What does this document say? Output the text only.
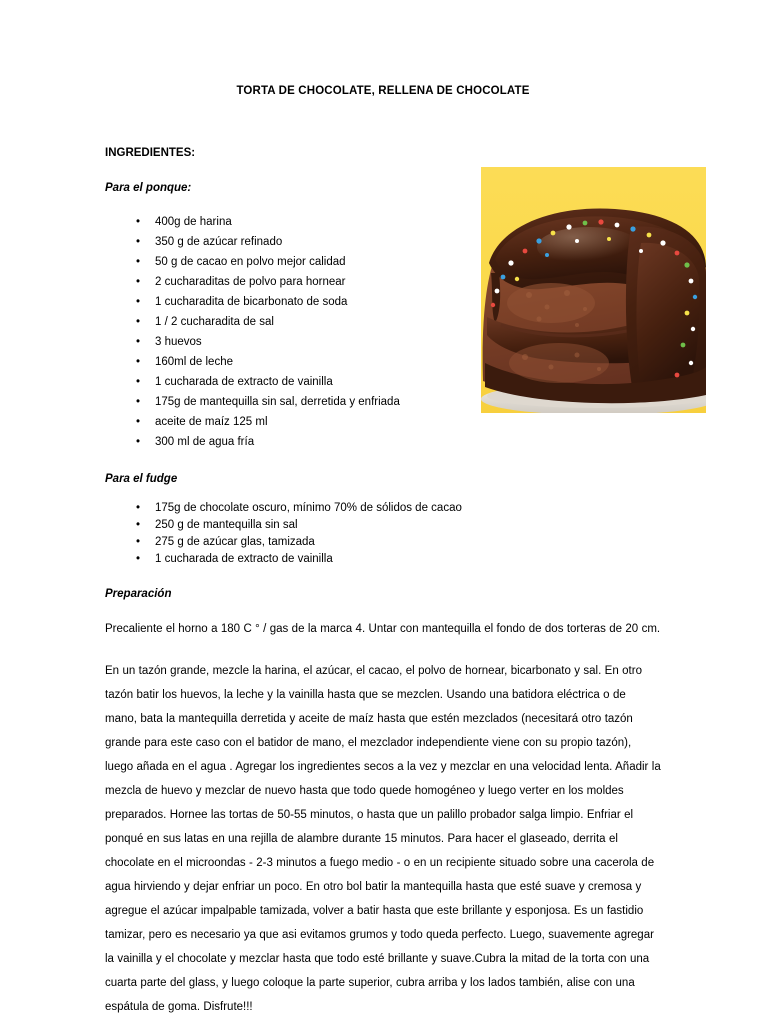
TORTA DE CHOCOLATE, RELLENA DE CHOCOLATE
INGREDIENTES:
Para el ponque:
• 400g de harina
• 350 g de azúcar refinado
• 50 g de cacao en polvo mejor calidad
• 2 cucharaditas de polvo para hornear
• 1 cucharadita de bicarbonato de soda
• 1 / 2 cucharadita de sal
• 3 huevos
• 160ml de leche
• 1 cucharada de extracto de vainilla
• 175g de mantequilla sin sal, derretida y enfriada
• aceite de maíz 125 ml
• 300 ml de agua fría
Para el fudge
• 175g de chocolate oscuro, mínimo 70% de sólidos de cacao
• 250 g de mantequilla sin sal
• 275 g de azúcar glas, tamizada
• 1 cucharada de extracto de vainilla
Preparación

Precaliente el horno a 180 C ° / gas de la marca 4. Untar con mantequilla el fondo de dos torteras de 20 cm.

En un tazón grande, mezcle la harina, el azúcar, el cacao, el polvo de hornear, bicarbonato y sal. En otro tazón batir los huevos, la leche y la vainilla hasta que se mezclen. Usando una batidora eléctrica o de mano, bata la mantequilla derretida y aceite de maíz hasta que estén mezclados (necesitará otro tazón grande para este caso con el batidor de mano, el mezclador independiente viene con su propio tazón), luego añada en el agua . Agregar los ingredientes secos a la vez y mezclar en una velocidad lenta. Añadir la mezcla de huevo y mezclar de nuevo hasta que todo quede homogéneo y luego verter en los moldes preparados. Hornee las tortas de 50-55 minutos, o hasta que un palillo probador salga limpio. Enfriar el ponqué en sus latas en una rejilla de alambre durante 15 minutos. Para hacer el glaseado, derrita el chocolate en el microondas - 2-3 minutos a fuego medio - o en un recipiente situado sobre una cacerola de agua hirviendo y dejar enfriar un poco. En otro bol batir la mantequilla hasta que esté suave y cremosa y agregue el azúcar impalpable tamizada, volver a batir hasta que este brillante y esponjosa. Es un fastidio tamizar, pero es necesario ya que asi evitamos grumos y todo queda perfecto. Luego, suavemente agregar la vainilla y el chocolate y mezclar hasta que todo esté brillante y suave.Cubra la mitad de la torta con una cuarta parte del glass, y luego coloque la parte superior, cubra arriba y los lados también, alise con una espátula de goma. Disfrute!!!
